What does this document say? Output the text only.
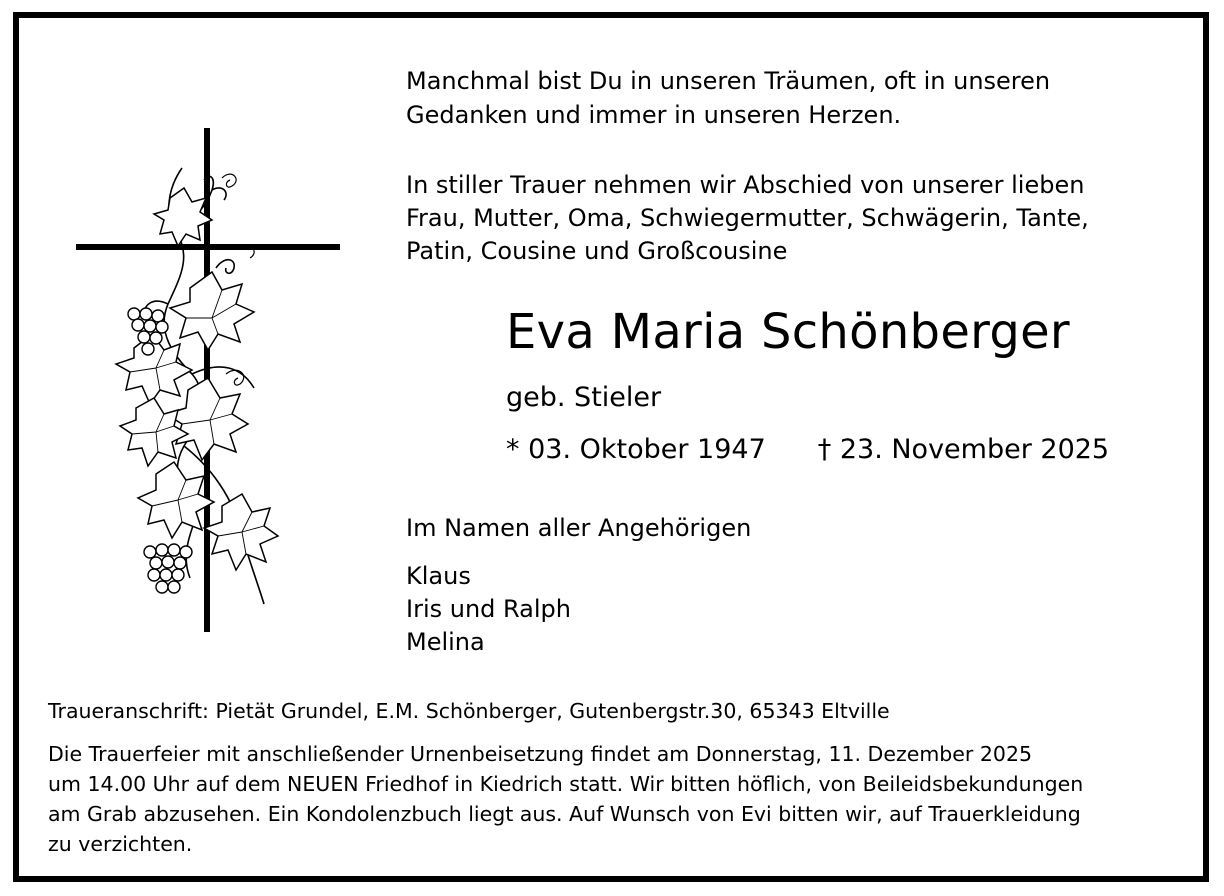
Manchmal bist Du in unseren Träumen, oft in unseren
Gedanken und immer in unseren Herzen.
In stiller Trauer nehmen wir Abschied von unserer lieben
Frau, Mutter, Oma, Schwiegermutter, Schwägerin, Tante,
Patin, Cousine und Großcousine
Eva Maria Schönberger
geb. Stieler
* 03. Oktober 1947 † 23. November 2025
Im Namen aller Angehörigen
Klaus
Iris und Ralph
Melina
Traueranschrift: Pietät Grundel, E.M. Schönberger, Gutenbergstr.30, 65343 Eltville
Die Trauerfeier mit anschließender Urnenbeisetzung findet am Donnerstag, 11. Dezember 2025
um 14.00 Uhr auf dem NEUEN Friedhof in Kiedrich statt. Wir bitten höflich, von Beileidsbekundungen
am Grab abzusehen. Ein Kondolenzbuch liegt aus. Auf Wunsch von Evi bitten wir, auf Trauerkleidung
zu verzichten.
